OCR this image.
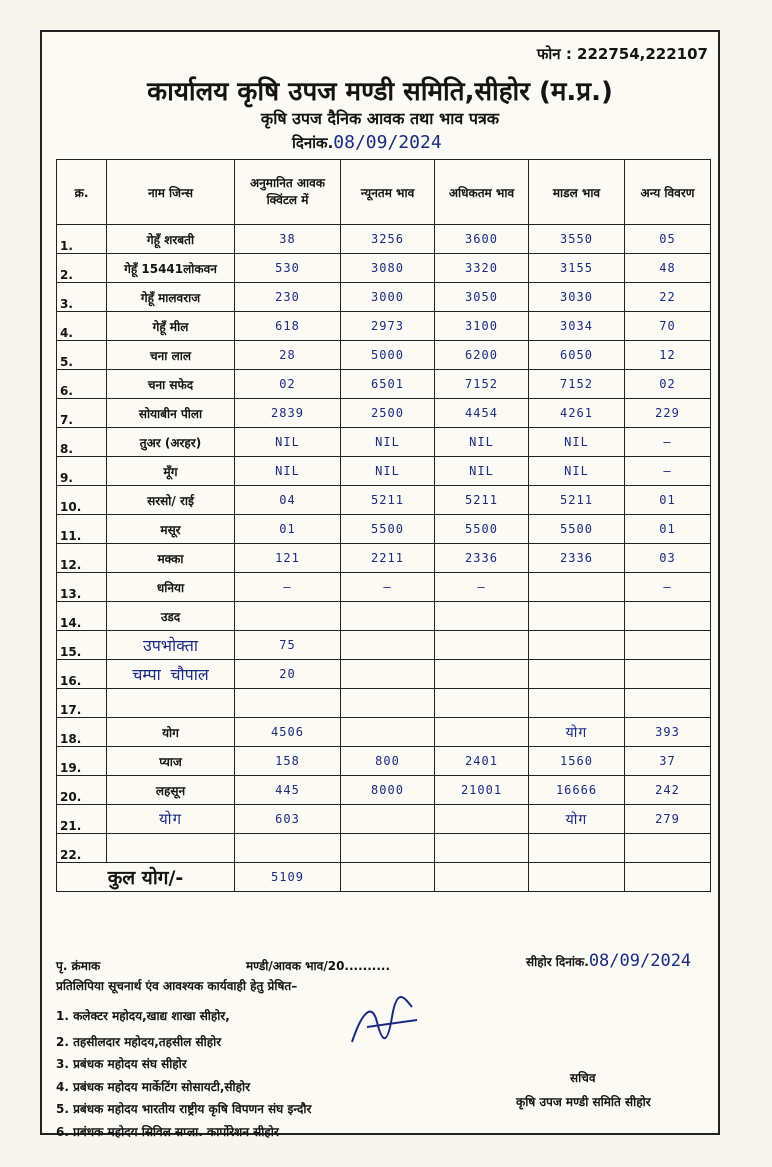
फोन : 222754,222107
कार्यालय कृषि उपज मण्डी समिति,सीहोर (म.प्र.)
कृषि उपज दैनिक आवक तथा भाव पत्रक
दिनांक.08/09/2024
क्र.	नाम जिन्स	अनुमानित आवक क्विंटल में	न्यूनतम भाव	अधिकतम भाव	माडल भाव	अन्य विवरण
1.	गेहूँ शरबती	38	3256	3600	3550	05
2.	गेहूँ 15441लोकवन	530	3080	3320	3155	48
3.	गेहूँ मालवराज	230	3000	3050	3030	22
4.	गेहूँ मील	618	2973	3100	3034	70
5.	चना लाल	28	5000	6200	6050	12
6.	चना सफेद	02	6501	7152	7152	02
7.	सोयाबीन पीला	2839	2500	4454	4261	229
8.	तुअर (अरहर)	NIL	NIL	NIL	NIL	—
9.	मूँग	NIL	NIL	NIL	NIL	—
10.	सरसो/ राई	04	5211	5211	5211	01
11.	मसूर	01	5500	5500	5500	01
12.	मक्का	121	2211	2336	2336	03
13.	धनिया	—	—	—		—
14.	उडद					
15.	उपभोक्ता	75				
16.	चम्पा चौपाल	20				
17.						
18.	योग	4506			योग	393
19.	प्याज	158	800	2401	1560	37
20.	लहसून	445	8000	21001	16666	242
21.	योग	603			योग	279
22.						
कुल योग/-		5109				
पृ. क्रंमाक	मण्डी/आवक भाव/20..........	सीहोर दिनांक.08/09/2024
प्रतिलिपिया सूचनार्थ एंव आवश्यक कार्यवाही हेतु प्रेषित–
1. कलेक्टर महोदय,खाद्य शाखा सीहोर,
2. तहसीलदार महोदय,तहसील सीहोर
3. प्रबंधक महोदय संघ सीहोर
4. प्रबंधक महोदय मार्केटिंग सोसायटी,सीहोर
5. प्रबंधक महोदय भारतीय राष्ट्रीय कृषि विपणन संघ इन्दौर
6. प्रबंधक महोदय सिविल सप्ला. कार्पोरेशन सीहोर
सचिव
कृषि उपज मण्डी समिति सीहोर
